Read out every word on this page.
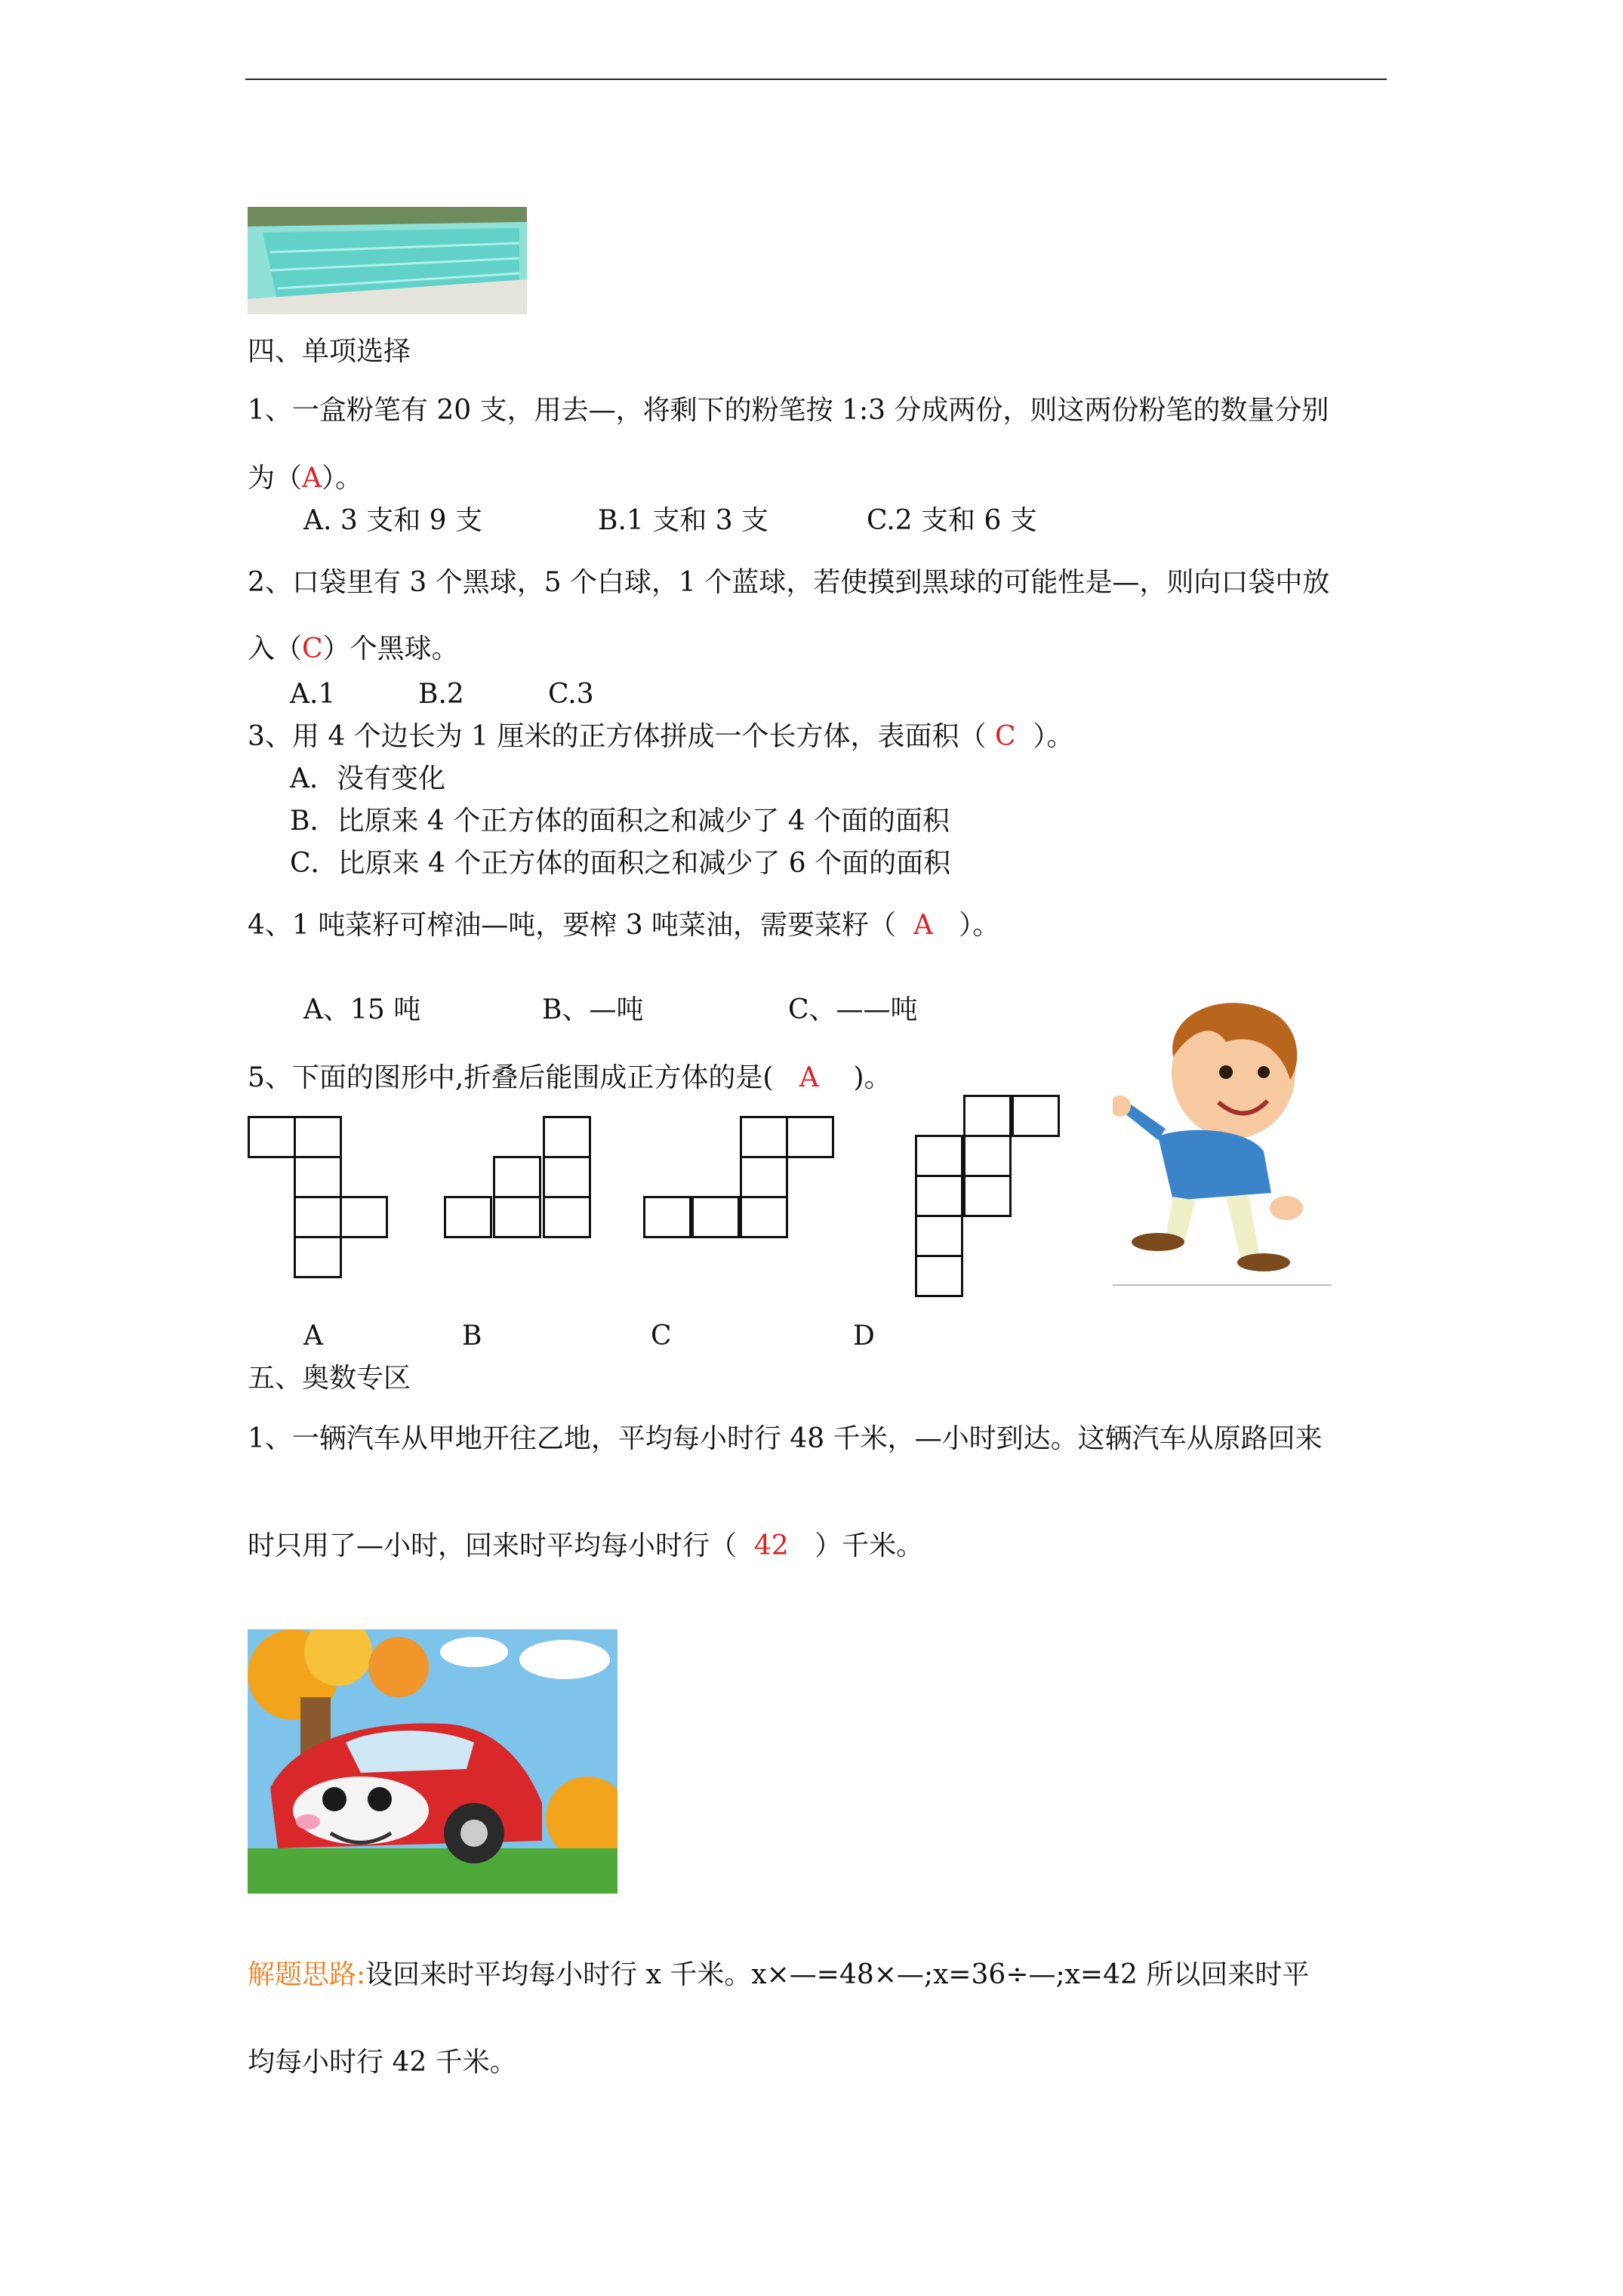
四、单项选择
1、一盒粉笔有 20 支，用去—，将剩下的粉笔按 1:3 分成两份，则这两份粉笔的数量分别
为（A）。
A. 3 支和 9 支	B.1 支和 3 支	C.2 支和 6 支
2、口袋里有 3 个黑球，5 个白球，1 个蓝球，若使摸到黑球的可能性是—，则向口袋中放
入（C）个黑球。
A.1	B.2	C.3
3、用 4 个边长为 1 厘米的正方体拼成一个长方体，表面积（ C ）。
A．没有变化
B．比原来 4 个正方体的面积之和减少了 4 个面的面积
C．比原来 4 个正方体的面积之和减少了 6 个面的面积
4、1 吨菜籽可榨油—吨，要榨 3 吨菜油，需要菜籽（ A ）。
A、15 吨	B、—吨	C、——吨
5、下面的图形中,折叠后能围成正方体的是( A )。
A	B	C	D
五、奥数专区
1、一辆汽车从甲地开往乙地，平均每小时行 48 千米，—小时到达。这辆汽车从原路回来
时只用了—小时，回来时平均每小时行（ 42 ）千米。
解题思路:设回来时平均每小时行 x 千米。x×—=48×—;x=36÷—;x=42 所以回来时平
均每小时行 42 千米。
